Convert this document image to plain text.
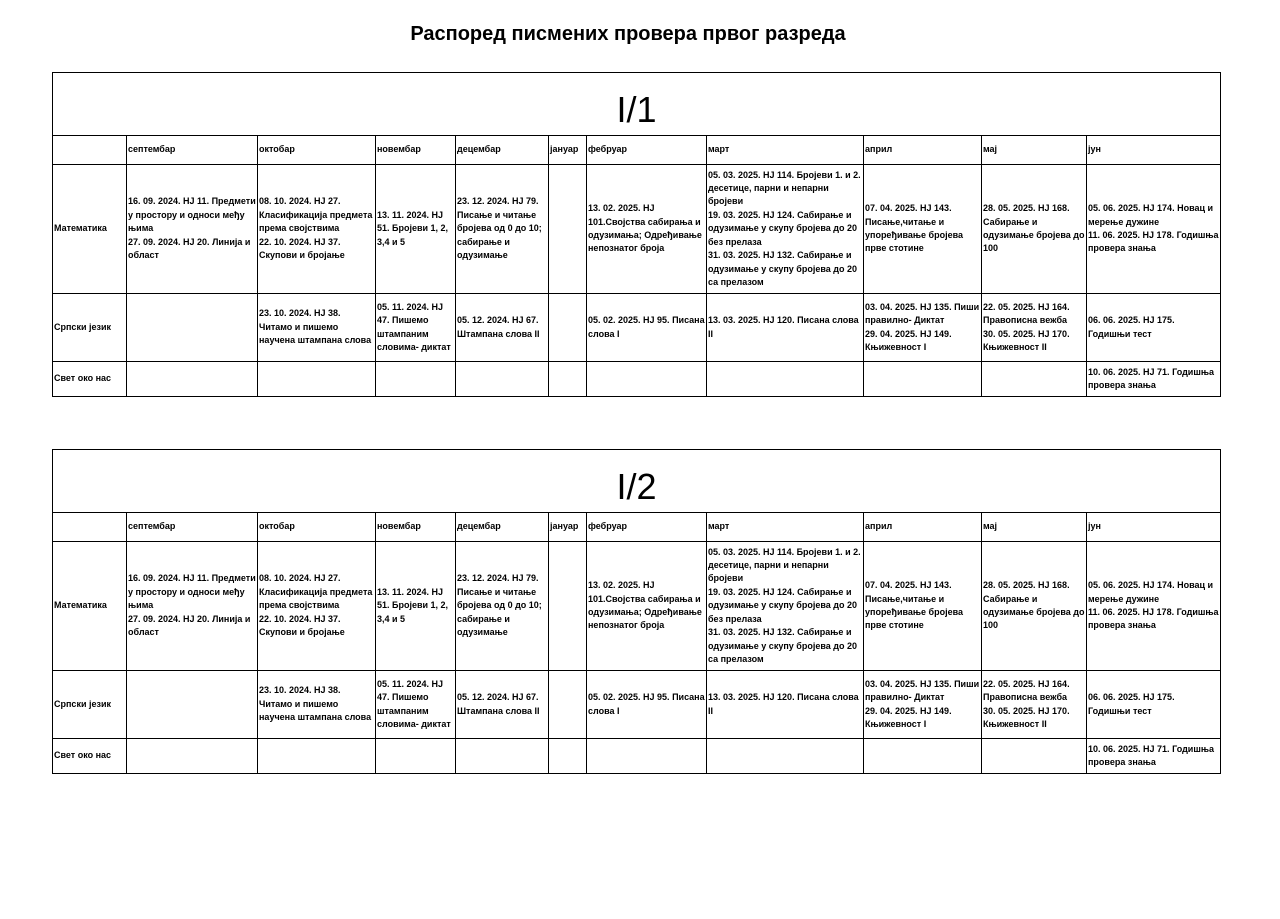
Распоред писмених провера првог разреда
I/1										
	септембар	октобар	новембар	децембар	јануар	фебруар	март	април	мај	јун
Математика	16. 09. 2024. НЈ 11. Предмети у простору и односи међу њима
27. 09. 2024. НЈ 20. Линија и област	08. 10. 2024. НЈ 27. Класификација предмета према својствима
22. 10. 2024. НЈ 37. Скупови и бројање	13. 11. 2024. НЈ 51. Бројеви 1, 2, 3,4 и 5	23. 12. 2024. НЈ 79. Писање и читање бројева од 0 до 10; сабирање и одузимање		13. 02. 2025. НЈ 101.Својства сабирања и одузимања; Одређивање непознатог броја	05. 03. 2025. НЈ 114. Бројеви 1. и 2. десетице, парни и непарни бројеви
19. 03. 2025. НЈ 124. Сабирање и одузимање у скупу бројева до 20 без прелаза
31. 03. 2025. НЈ 132. Сабирање и одузимање у скупу бројева до 20 са прелазом	07. 04. 2025. НЈ 143. Писање,читање и упоређивање бројева прве стотине	28. 05. 2025. НЈ 168. Сабирање и одузимање бројева до 100	05. 06. 2025. НЈ 174. Новац и мерење дужине
11. 06. 2025. НЈ 178. Годишња провера знања

Српски језик		23. 10. 2024. НЈ 38. Читамо и пишемо научена штампана слова	05. 11. 2024. НЈ 47. Пишемо штампаним словима- диктат	05. 12. 2024. НЈ 67. Штампана слова II		05. 02. 2025. НЈ 95. Писана слова I	13. 03. 2025. НЈ 120. Писана слова II	03. 04. 2025. НЈ 135. Пиши правилно- Диктат
29. 04. 2025. НЈ 149. Књижевност I	22. 05. 2025. НЈ 164. Правописна вежба
30. 05. 2025. НЈ 170. Књижевност II	06. 06. 2025. НЈ 175. Годишњи тест

Свет око нас										10. 06. 2025. НЈ 71. Годишња провера знања
I/2										
	септембар	октобар	новембар	децембар	јануар	фебруар	март	април	мај	јун
Математика	16. 09. 2024. НЈ 11. Предмети у простору и односи међу њима
27. 09. 2024. НЈ 20. Линија и област	08. 10. 2024. НЈ 27. Класификација предмета према својствима
22. 10. 2024. НЈ 37. Скупови и бројање	13. 11. 2024. НЈ 51. Бројеви 1, 2, 3,4 и 5	23. 12. 2024. НЈ 79. Писање и читање бројева од 0 до 10; сабирање и одузимање		13. 02. 2025. НЈ 101.Својства сабирања и одузимања; Одређивање непознатог броја	05. 03. 2025. НЈ 114. Бројеви 1. и 2. десетице, парни и непарни бројеви
19. 03. 2025. НЈ 124. Сабирање и одузимање у скупу бројева до 20 без прелаза
31. 03. 2025. НЈ 132. Сабирање и одузимање у скупу бројева до 20 са прелазом	07. 04. 2025. НЈ 143. Писање,читање и упоређивање бројева прве стотине	28. 05. 2025. НЈ 168. Сабирање и одузимање бројева до 100	05. 06. 2025. НЈ 174. Новац и мерење дужине
11. 06. 2025. НЈ 178. Годишња провера знања

Српски језик		23. 10. 2024. НЈ 38. Читамо и пишемо научена штампана слова	05. 11. 2024. НЈ 47. Пишемо штампаним словима- диктат	05. 12. 2024. НЈ 67. Штампана слова II		05. 02. 2025. НЈ 95. Писана слова I	13. 03. 2025. НЈ 120. Писана слова II	03. 04. 2025. НЈ 135. Пиши правилно- Диктат
29. 04. 2025. НЈ 149. Књижевност I	22. 05. 2025. НЈ 164. Правописна вежба
30. 05. 2025. НЈ 170. Књижевност II	06. 06. 2025. НЈ 175. Годишњи тест

Свет око нас										10. 06. 2025. НЈ 71. Годишња провера знања
